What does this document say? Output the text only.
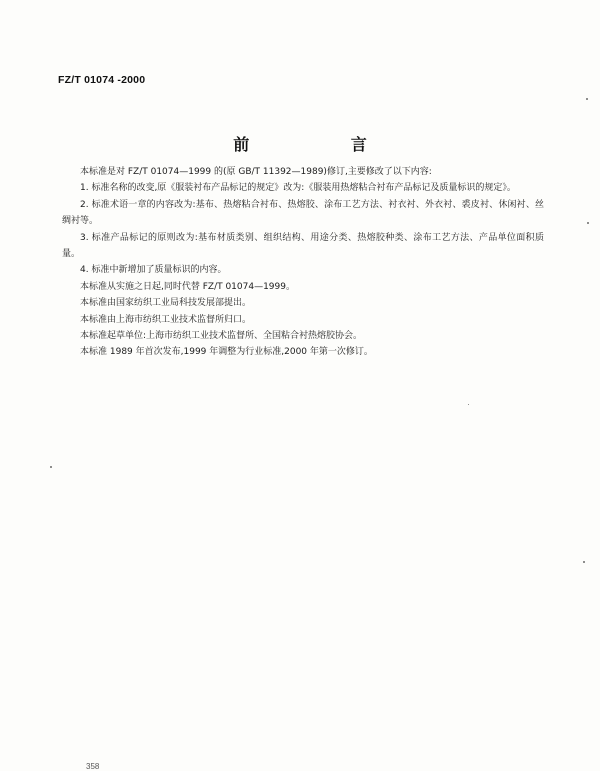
FZ/T 01074 -2000
前 言

本标准是对 FZ/T 01074—1999 的(原 GB/T 11392—1989)修订,主要修改了以下内容:

1. 标准名称的改变,原《服装衬布产品标记的规定》改为:《服装用热熔粘合衬布产品标记及质量标识的规定》。

2. 标准术语一章的内容改为:基布、热熔粘合衬布、热熔胶、涂布工艺方法、衬衣衬、外衣衬、裘皮衬、休闲衬、丝绸衬等。

3. 标准产品标记的原则改为:基布材质类别、组织结构、用途分类、热熔胶种类、涂布工艺方法、产品单位面积质量。

4. 标准中新增加了质量标识的内容。

本标准从实施之日起,同时代替 FZ/T 01074—1999。

本标准由国家纺织工业局科技发展部提出。

本标准由上海市纺织工业技术监督所归口。

本标准起草单位:上海市纺织工业技术监督所、全国粘合衬热熔胶协会。

本标准 1989 年首次发布,1999 年调整为行业标准,2000 年第一次修订。

358
